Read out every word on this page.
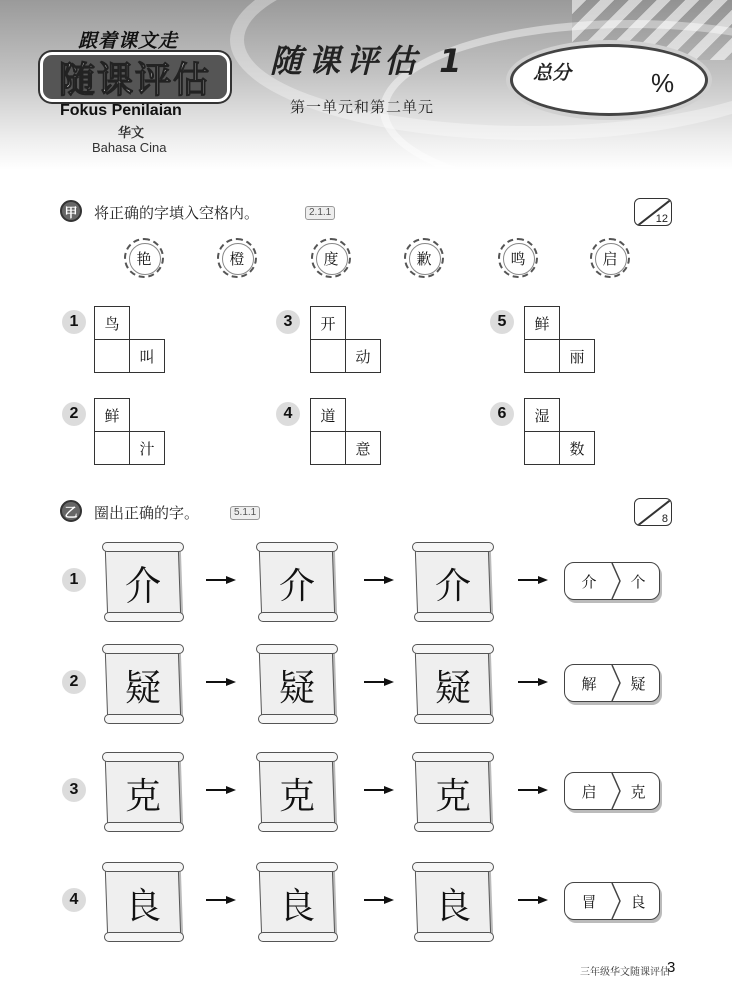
跟着课文走
随课评估
Fokus Penilaian
华文
Bahasa Cina
随课评估 1
第一单元和第二单元
总分	%
甲	将正确的字填入空格内。	2.1.1
12
艳	橙	度	歉	鸣	启
1	鸟
叫
3	开
动
5	鲜
丽
2	鲜
汁
4	道
意
6	湿
数
乙	圈出正确的字。	5.1.1
8
1	介	介	介	介	个
2	疑	疑	疑	解	疑
3	克	克	克	启	克
4	良	良	良	冒	良
三年级华文随课评估
3
